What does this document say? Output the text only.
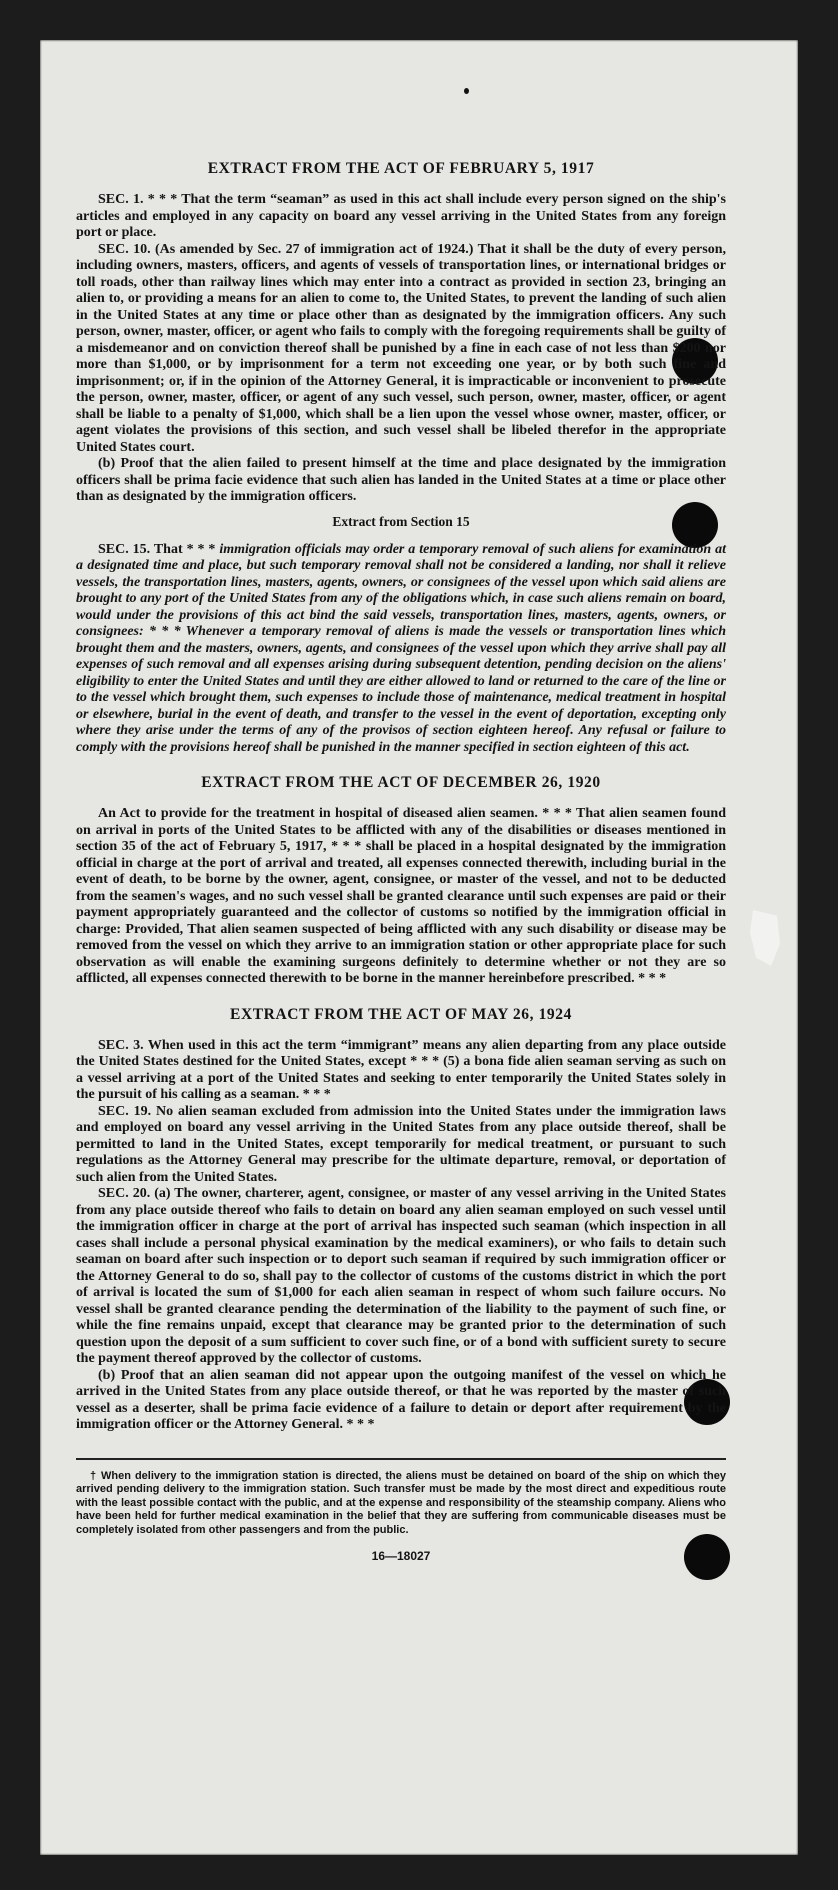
EXTRACT FROM THE ACT OF FEBRUARY 5, 1917

SEC. 1. * * * That the term “seaman” as used in this act shall include every person signed on the ship's articles and employed in any capacity on board any vessel arriving in the United States from any foreign port or place.

SEC. 10. (As amended by Sec. 27 of immigration act of 1924.) That it shall be the duty of every person, including owners, masters, officers, and agents of vessels of transportation lines, or international bridges or toll roads, other than railway lines which may enter into a contract as provided in section 23, bringing an alien to, or providing a means for an alien to come to, the United States, to prevent the landing of such alien in the United States at any time or place other than as designated by the immigration officers. Any such person, owner, master, officer, or agent who fails to comply with the foregoing requirements shall be guilty of a misdemeanor and on conviction thereof shall be punished by a fine in each case of not less than $200 nor more than $1,000, or by imprisonment for a term not exceeding one year, or by both such fine and imprisonment; or, if in the opinion of the Attorney General, it is impracticable or inconvenient to prosecute the person, owner, master, officer, or agent of any such vessel, such person, owner, master, officer, or agent shall be liable to a penalty of $1,000, which shall be a lien upon the vessel whose owner, master, officer, or agent violates the provisions of this section, and such vessel shall be libeled therefor in the appropriate United States court.

(b) Proof that the alien failed to present himself at the time and place designated by the immigration officers shall be prima facie evidence that such alien has landed in the United States at a time or place other than as designated by the immigration officers.

Extract from Section 15

SEC. 15. That * * * immigration officials may order a temporary removal of such aliens for examination at a designated time and place, but such temporary removal shall not be considered a landing, nor shall it relieve vessels, the transportation lines, masters, agents, owners, or consignees of the vessel upon which said aliens are brought to any port of the United States from any of the obligations which, in case such aliens remain on board, would under the provisions of this act bind the said vessels, transportation lines, masters, agents, owners, or consignees: * * * Whenever a temporary removal of aliens is made the vessels or transportation lines which brought them and the masters, owners, agents, and consignees of the vessel upon which they arrive shall pay all expenses of such removal and all expenses arising during subsequent detention, pending decision on the aliens' eligibility to enter the United States and until they are either allowed to land or returned to the care of the line or to the vessel which brought them, such expenses to include those of maintenance, medical treatment in hospital or elsewhere, burial in the event of death, and transfer to the vessel in the event of deportation, excepting only where they arise under the terms of any of the provisos of section eighteen hereof. Any refusal or failure to comply with the provisions hereof shall be punished in the manner specified in section eighteen of this act.

EXTRACT FROM THE ACT OF DECEMBER 26, 1920

An Act to provide for the treatment in hospital of diseased alien seamen. * * * That alien seamen found on arrival in ports of the United States to be afflicted with any of the disabilities or diseases mentioned in section 35 of the act of February 5, 1917, * * * shall be placed in a hospital designated by the immigration official in charge at the port of arrival and treated, all expenses connected therewith, including burial in the event of death, to be borne by the owner, agent, consignee, or master of the vessel, and not to be deducted from the seamen's wages, and no such vessel shall be granted clearance until such expenses are paid or their payment appropriately guaranteed and the collector of customs so notified by the immigration official in charge: Provided, That alien seamen suspected of being afflicted with any such disability or disease may be removed from the vessel on which they arrive to an immigration station or other appropriate place for such observation as will enable the examining surgeons definitely to determine whether or not they are so afflicted, all expenses connected therewith to be borne in the manner hereinbefore prescribed. * * *

EXTRACT FROM THE ACT OF MAY 26, 1924

SEC. 3. When used in this act the term “immigrant” means any alien departing from any place outside the United States destined for the United States, except * * * (5) a bona fide alien seaman serving as such on a vessel arriving at a port of the United States and seeking to enter temporarily the United States solely in the pursuit of his calling as a seaman. * * *

SEC. 19. No alien seaman excluded from admission into the United States under the immigration laws and employed on board any vessel arriving in the United States from any place outside thereof, shall be permitted to land in the United States, except temporarily for medical treatment, or pursuant to such regulations as the Attorney General may prescribe for the ultimate departure, removal, or deportation of such alien from the United States.

SEC. 20. (a) The owner, charterer, agent, consignee, or master of any vessel arriving in the United States from any place outside thereof who fails to detain on board any alien seaman employed on such vessel until the immigration officer in charge at the port of arrival has inspected such seaman (which inspection in all cases shall include a personal physical examination by the medical examiners), or who fails to detain such seaman on board after such inspection or to deport such seaman if required by such immigration officer or the Attorney General to do so, shall pay to the collector of customs of the customs district in which the port of arrival is located the sum of $1,000 for each alien seaman in respect of whom such failure occurs. No vessel shall be granted clearance pending the determination of the liability to the payment of such fine, or while the fine remains unpaid, except that clearance may be granted prior to the determination of such question upon the deposit of a sum sufficient to cover such fine, or of a bond with sufficient surety to secure the payment thereof approved by the collector of customs.

(b) Proof that an alien seaman did not appear upon the outgoing manifest of the vessel on which he arrived in the United States from any place outside thereof, or that he was reported by the master of such vessel as a deserter, shall be prima facie evidence of a failure to detain or deport after requirement by the immigration officer or the Attorney General. * * *

† When delivery to the immigration station is directed, the aliens must be detained on board of the ship on which they arrived pending delivery to the immigration station. Such transfer must be made by the most direct and expeditious route with the least possible contact with the public, and at the expense and responsibility of the steamship company. Aliens who have been held for further medical examination in the belief that they are suffering from communicable diseases must be completely isolated from other passengers and from the public.

16—18027
